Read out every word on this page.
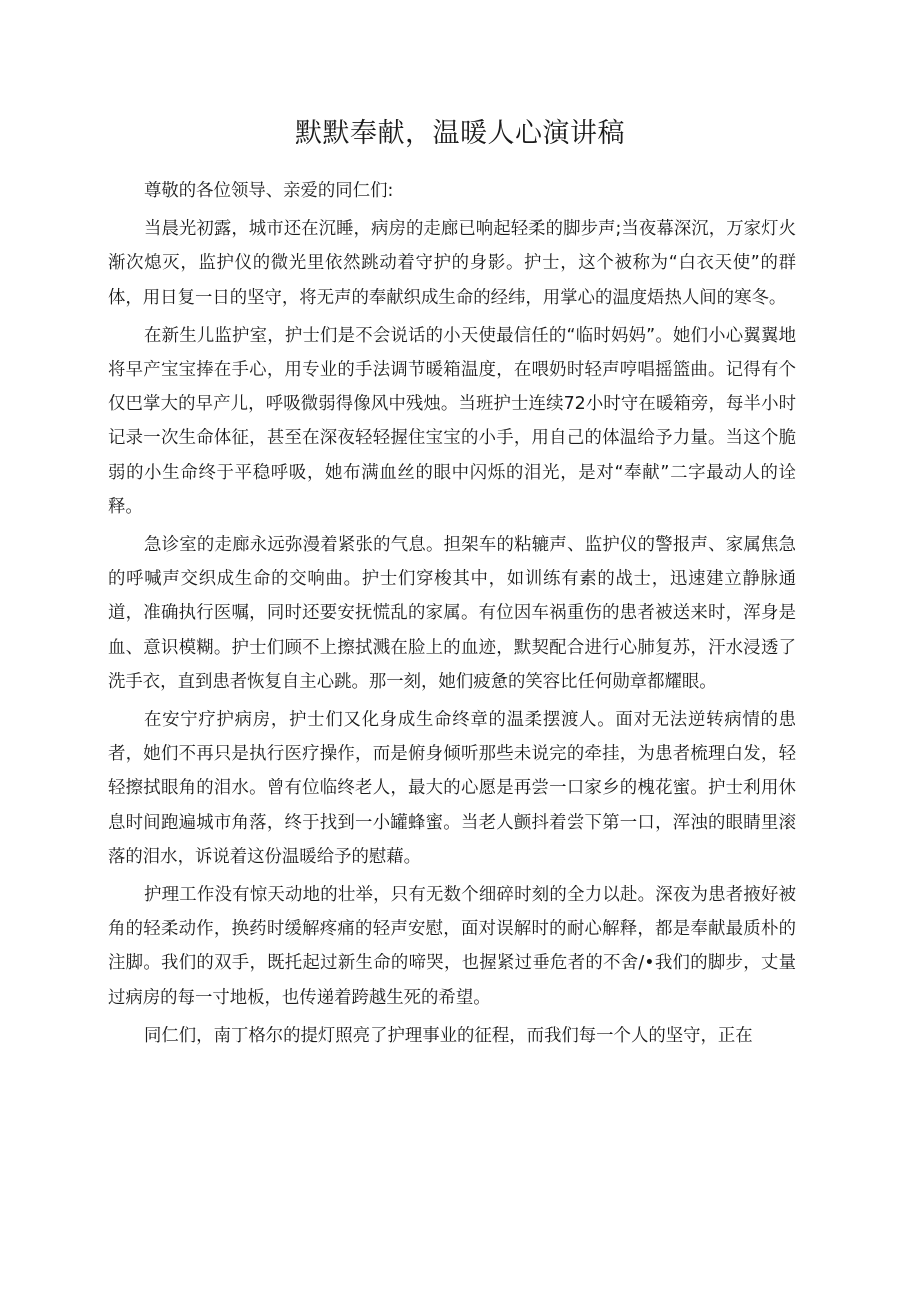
默默奉献，温暖人心演讲稿

尊敬的各位领导、亲爱的同仁们:

当晨光初露，城市还在沉睡，病房的走廊已响起轻柔的脚步声;当夜幕深沉，万家灯火渐次熄灭，监护仪的微光里依然跳动着守护的身影。护士，这个被称为“白衣天使”的群体，用日复一日的坚守，将无声的奉献织成生命的经纬，用掌心的温度焐热人间的寒冬。

在新生儿监护室，护士们是不会说话的小天使最信任的“临时妈妈”。她们小心翼翼地将早产宝宝捧在手心，用专业的手法调节暖箱温度，在喂奶时轻声哼唱摇篮曲。记得有个仅巴掌大的早产儿，呼吸微弱得像风中残烛。当班护士连续72小时守在暖箱旁，每半小时记录一次生命体征，甚至在深夜轻轻握住宝宝的小手，用自己的体温给予力量。当这个脆弱的小生命终于平稳呼吸，她布满血丝的眼中闪烁的泪光，是对“奉献”二字最动人的诠释。

急诊室的走廊永远弥漫着紧张的气息。担架车的粘辘声、监护仪的警报声、家属焦急的呼喊声交织成生命的交响曲。护士们穿梭其中，如训练有素的战士，迅速建立静脉通道，准确执行医嘱，同时还要安抚慌乱的家属。有位因车祸重伤的患者被送来时，浑身是血、意识模糊。护士们顾不上擦拭溅在脸上的血迹，默契配合进行心肺复苏，汗水浸透了洗手衣，直到患者恢复自主心跳。那一刻，她们疲惫的笑容比任何勋章都耀眼。

在安宁疗护病房，护士们又化身成生命终章的温柔摆渡人。面对无法逆转病情的患者，她们不再只是执行医疗操作，而是俯身倾听那些未说完的牵挂，为患者梳理白发，轻轻擦拭眼角的泪水。曾有位临终老人，最大的心愿是再尝一口家乡的槐花蜜。护士利用休息时间跑遍城市角落，终于找到一小罐蜂蜜。当老人颤抖着尝下第一口，浑浊的眼睛里滚落的泪水，诉说着这份温暖给予的慰藉。

护理工作没有惊天动地的壮举，只有无数个细碎时刻的全力以赴。深夜为患者掖好被角的轻柔动作，换药时缓解疼痛的轻声安慰，面对误解时的耐心解释，都是奉献最质朴的注脚。我们的双手，既托起过新生命的啼哭，也握紧过垂危者的不舍/•我们的脚步，丈量过病房的每一寸地板，也传递着跨越生死的希望。

同仁们，南丁格尔的提灯照亮了护理事业的征程，而我们每一个人的坚守，正在
